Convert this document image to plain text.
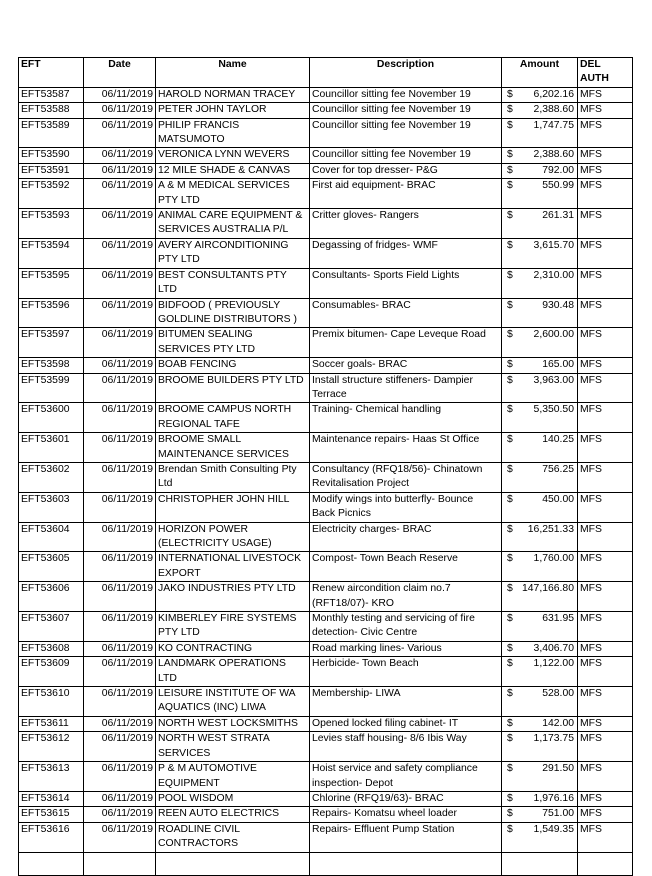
EFT	Date	Name	Description	Amount	DEL AUTH
EFT53587	06/11/2019	HAROLD NORMAN TRACEY	Councillor sitting fee November 19	$ 6,202.16	MFS
EFT53588	06/11/2019	PETER JOHN TAYLOR	Councillor sitting fee November 19	$ 2,388.60	MFS
EFT53589	06/11/2019	PHILIP FRANCIS MATSUMOTO	Councillor sitting fee November 19	$ 1,747.75	MFS
EFT53590	06/11/2019	VERONICA LYNN WEVERS	Councillor sitting fee November 19	$ 2,388.60	MFS
EFT53591	06/11/2019	12 MILE SHADE & CANVAS	Cover for top dresser- P&G	$ 792.00	MFS
EFT53592	06/11/2019	A & M MEDICAL SERVICES PTY LTD	First aid equipment- BRAC	$ 550.99	MFS
EFT53593	06/11/2019	ANIMAL CARE EQUIPMENT & SERVICES AUSTRALIA P/L	Critter gloves- Rangers	$ 261.31	MFS
EFT53594	06/11/2019	AVERY AIRCONDITIONING PTY LTD	Degassing of fridges- WMF	$ 3,615.70	MFS
EFT53595	06/11/2019	BEST CONSULTANTS PTY LTD	Consultants- Sports Field Lights	$ 2,310.00	MFS
EFT53596	06/11/2019	BIDFOOD ( PREVIOUSLY GOLDLINE DISTRIBUTORS )	Consumables- BRAC	$ 930.48	MFS
EFT53597	06/11/2019	BITUMEN SEALING SERVICES PTY LTD	Premix bitumen- Cape Leveque Road	$ 2,600.00	MFS
EFT53598	06/11/2019	BOAB FENCING	Soccer goals- BRAC	$ 165.00	MFS
EFT53599	06/11/2019	BROOME BUILDERS PTY LTD	Install structure stiffeners- Dampier Terrace	$ 3,963.00	MFS
EFT53600	06/11/2019	BROOME CAMPUS NORTH REGIONAL TAFE	Training- Chemical handling	$ 5,350.50	MFS
EFT53601	06/11/2019	BROOME SMALL MAINTENANCE SERVICES	Maintenance repairs- Haas St Office	$ 140.25	MFS
EFT53602	06/11/2019	Brendan Smith Consulting Pty Ltd	Consultancy (RFQ18/56)- Chinatown Revitalisation Project	$ 756.25	MFS
EFT53603	06/11/2019	CHRISTOPHER JOHN HILL	Modify wings into butterfly- Bounce Back Picnics	$ 450.00	MFS
EFT53604	06/11/2019	HORIZON POWER (ELECTRICITY USAGE)	Electricity charges- BRAC	$ 16,251.33	MFS
EFT53605	06/11/2019	INTERNATIONAL LIVESTOCK EXPORT	Compost- Town Beach Reserve	$ 1,760.00	MFS
EFT53606	06/11/2019	JAKO INDUSTRIES PTY LTD	Renew aircondition claim no.7 (RFT18/07)- KRO	$ 147,166.80	MFS
EFT53607	06/11/2019	KIMBERLEY FIRE SYSTEMS PTY LTD	Monthly testing and servicing of fire detection- Civic Centre	$ 631.95	MFS
EFT53608	06/11/2019	KO CONTRACTING	Road marking lines- Various	$ 3,406.70	MFS
EFT53609	06/11/2019	LANDMARK OPERATIONS LTD	Herbicide- Town Beach	$ 1,122.00	MFS
EFT53610	06/11/2019	LEISURE INSTITUTE OF WA AQUATICS (INC) LIWA	Membership- LIWA	$ 528.00	MFS
EFT53611	06/11/2019	NORTH WEST LOCKSMITHS	Opened locked filing cabinet- IT	$ 142.00	MFS
EFT53612	06/11/2019	NORTH WEST STRATA SERVICES	Levies staff housing- 8/6 Ibis Way	$ 1,173.75	MFS
EFT53613	06/11/2019	P & M AUTOMOTIVE EQUIPMENT	Hoist service and safety compliance inspection- Depot	$ 291.50	MFS
EFT53614	06/11/2019	POOL WISDOM	Chlorine (RFQ19/63)- BRAC	$ 1,976.16	MFS
EFT53615	06/11/2019	REEN AUTO ELECTRICS	Repairs- Komatsu wheel loader	$ 751.00	MFS
EFT53616	06/11/2019	ROADLINE CIVIL CONTRACTORS	Repairs- Effluent Pump Station	$ 1,549.35	MFS
